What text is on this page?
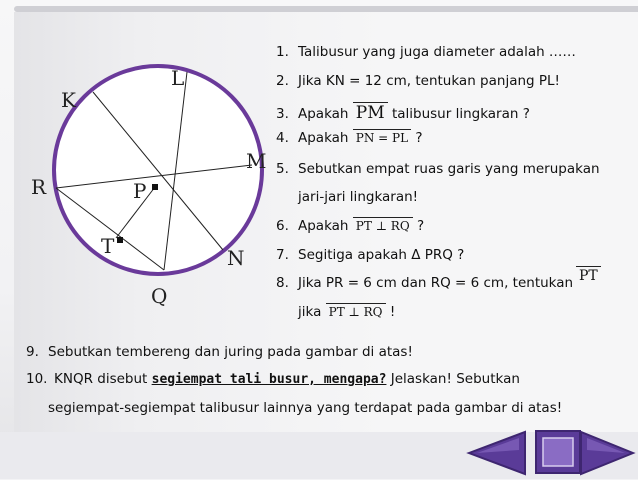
L
K
M
R	P
T	N
Q
1. Talibusur yang juga diameter adalah ……
2. Jika KN = 12 cm, tentukan panjang PL!
3. Apakah PM talibusur lingkaran ?
4. Apakah PN = PL ?
5. Sebutkan empat ruas garis yang merupakan
jari-jari lingkaran!
6. Apakah PT ⊥ RQ ?
7. Segitiga apakah Δ PRQ ?
8. Jika PR = 6 cm dan RQ = 6 cm, tentukan PT
jika PT ⊥ RQ !
9. Sebutkan tembereng dan juring pada gambar di atas!
10. KNQR disebut segiempat tali busur, mengapa? Jelaskan! Sebutkan
segiempat-segiempat talibusur lainnya yang terdapat pada gambar di atas!
